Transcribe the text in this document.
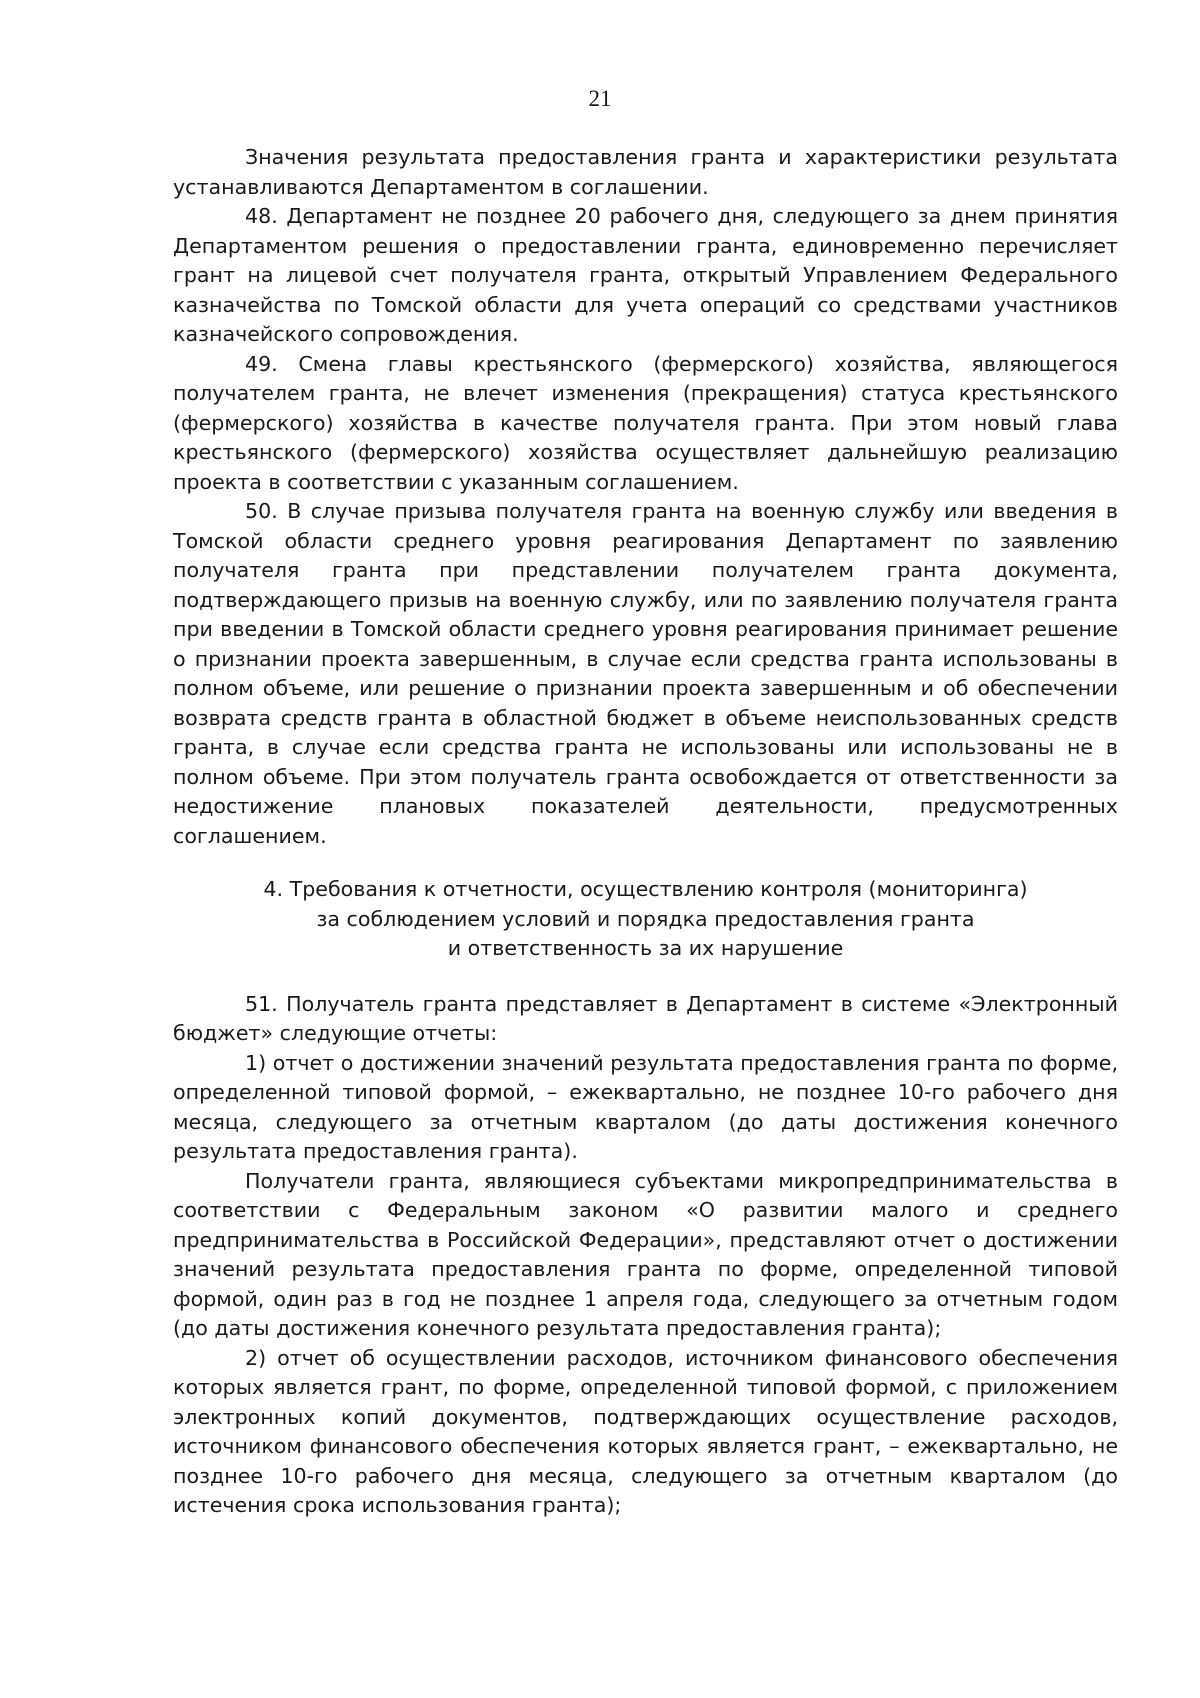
21

Значения результата предоставления гранта и характеристики результата устанавливаются Департаментом в соглашении.

48. Департамент не позднее 20 рабочего дня, следующего за днем принятия Департаментом решения о предоставлении гранта, единовременно перечисляет грант на лицевой счет получателя гранта, открытый Управлением Федерального казначейства по Томской области для учета операций со средствами участников казначейского сопровождения.

49. Смена главы крестьянского (фермерского) хозяйства, являющегося получателем гранта, не влечет изменения (прекращения) статуса крестьянского (фермерского) хозяйства в качестве получателя гранта. При этом новый глава крестьянского (фермерского) хозяйства осуществляет дальнейшую реализацию проекта в соответствии с указанным соглашением.

50. В случае призыва получателя гранта на военную службу или введения в Томской области среднего уровня реагирования Департамент по заявлению получателя гранта при представлении получателем гранта документа, подтверждающего призыв на военную службу, или по заявлению получателя гранта при введении в Томской области среднего уровня реагирования принимает решение о признании проекта завершенным, в случае если средства гранта использованы в полном объеме, или решение о признании проекта завершенным и об обеспечении возврата средств гранта в областной бюджет в объеме неиспользованных средств гранта, в случае если средства гранта не использованы или использованы не в полном объеме. При этом получатель гранта освобождается от ответственности за недостижение плановых показателей деятельности, предусмотренных соглашением.

4. Требования к отчетности, осуществлению контроля (мониторинга)
за соблюдением условий и порядка предоставления гранта
и ответственность за их нарушение

51. Получатель гранта представляет в Департамент в системе «Электронный бюджет» следующие отчеты:

1) отчет о достижении значений результата предоставления гранта по форме, определенной типовой формой, – ежеквартально, не позднее 10-го рабочего дня месяца, следующего за отчетным кварталом (до даты достижения конечного результата предоставления гранта).

Получатели гранта, являющиеся субъектами микропредпринимательства в соответствии с Федеральным законом «О развитии малого и среднего предпринимательства в Российской Федерации», представляют отчет о достижении значений результата предоставления гранта по форме, определенной типовой формой, один раз в год не позднее 1 апреля года, следующего за отчетным годом (до даты достижения конечного результата предоставления гранта);

2) отчет об осуществлении расходов, источником финансового обеспечения которых является грант, по форме, определенной типовой формой, с приложением электронных копий документов, подтверждающих осуществление расходов, источником финансового обеспечения которых является грант, – ежеквартально, не позднее 10-го рабочего дня месяца, следующего за отчетным кварталом (до истечения срока использования гранта);
